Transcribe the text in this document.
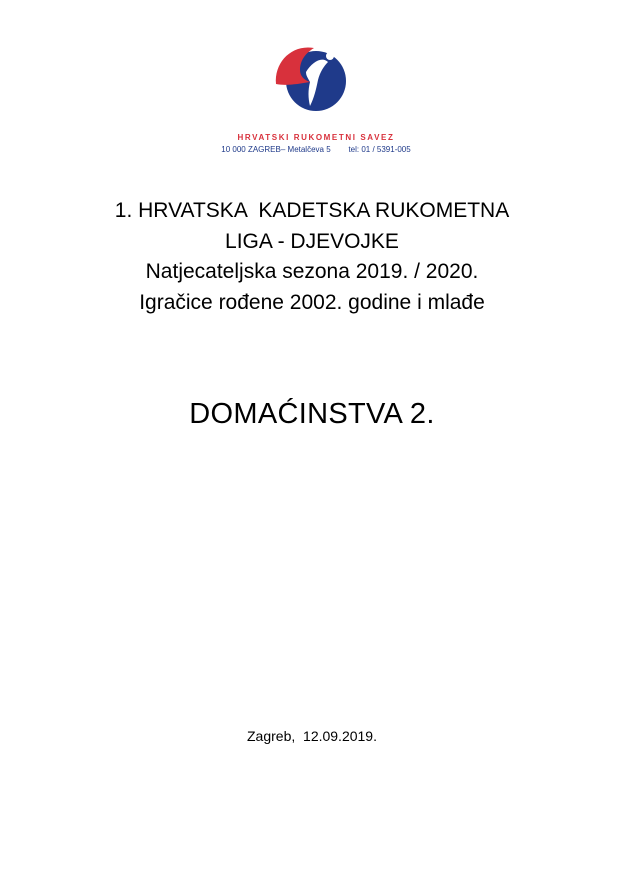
HRVATSKI RUKOMETNI SAVEZ
10 000 ZAGREB– Metalčeva 5        tel: 01 / 5391-005
1. HRVATSKA  KADETSKA RUKOMETNA
LIGA - DJEVOJKE
Natjecateljska sezona 2019. / 2020.
Igračice rođene 2002. godine i mlađe
DOMAĆINSTVA 2.
Zagreb,  12.09.2019.
